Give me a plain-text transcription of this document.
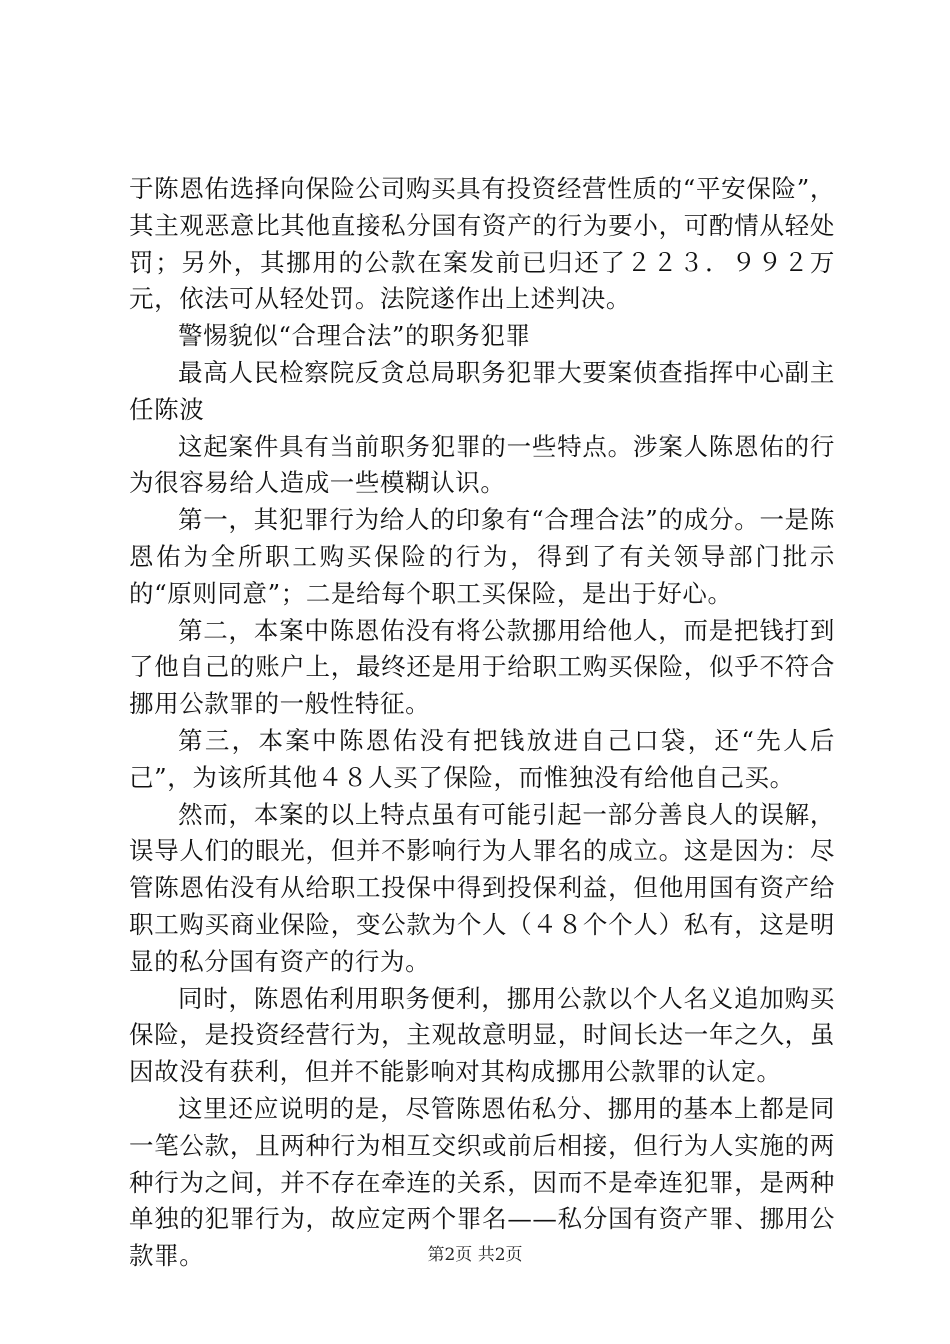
于陈恩佑选择向保险公司购买具有投资经营性质的“平安保险”，其主观恶意比其他直接私分国有资产的行为要小，可酌情从轻处罚；另外，其挪用的公款在案发前已归还了２２３．９９２万元，依法可从轻处罚。法院遂作出上述判决。

警惕貌似“合理合法”的职务犯罪

最高人民检察院反贪总局职务犯罪大要案侦查指挥中心副主任陈波

这起案件具有当前职务犯罪的一些特点。涉案人陈恩佑的行为很容易给人造成一些模糊认识。

第一，其犯罪行为给人的印象有“合理合法”的成分。一是陈恩佑为全所职工购买保险的行为，得到了有关领导部门批示的“原则同意”；二是给每个职工买保险，是出于好心。

第二，本案中陈恩佑没有将公款挪用给他人，而是把钱打到了他自己的账户上，最终还是用于给职工购买保险，似乎不符合挪用公款罪的一般性特征。

第三，本案中陈恩佑没有把钱放进自己口袋，还“先人后己”，为该所其他４８人买了保险，而惟独没有给他自己买。

然而，本案的以上特点虽有可能引起一部分善良人的误解，误导人们的眼光，但并不影响行为人罪名的成立。这是因为：尽管陈恩佑没有从给职工投保中得到投保利益，但他用国有资产给职工购买商业保险，变公款为个人（４８个个人）私有，这是明显的私分国有资产的行为。

同时，陈恩佑利用职务便利，挪用公款以个人名义追加购买保险，是投资经营行为，主观故意明显，时间长达一年之久，虽因故没有获利，但并不能影响对其构成挪用公款罪的认定。

这里还应说明的是，尽管陈恩佑私分、挪用的基本上都是同一笔公款，且两种行为相互交织或前后相接，但行为人实施的两种行为之间，并不存在牵连的关系，因而不是牵连犯罪，是两种单独的犯罪行为，故应定两个罪名——私分国有资产罪、挪用公款罪。	第2页 共2页
